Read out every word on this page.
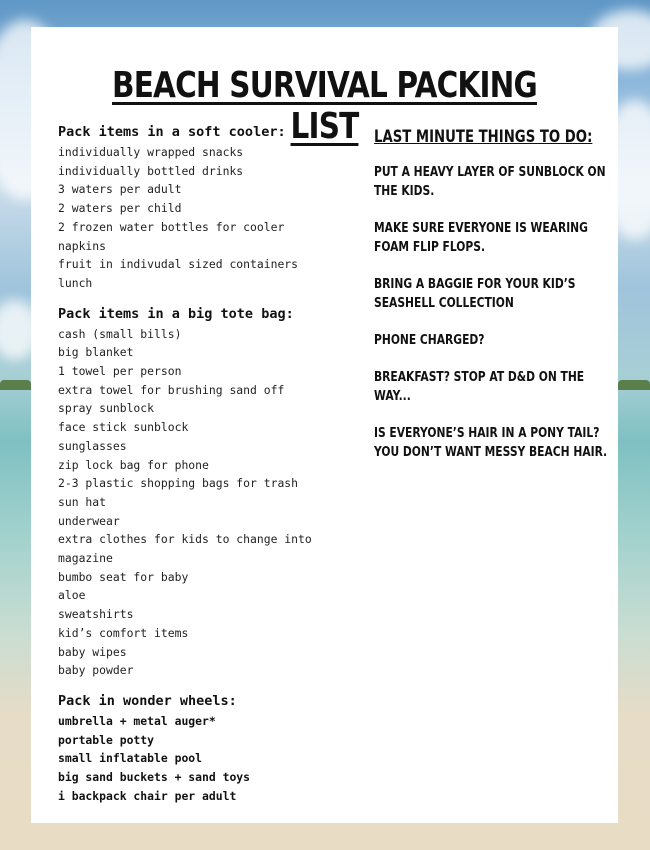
BEACH SURVIVAL PACKING LIST

Pack items in a soft cooler:

individually wrapped snacks
individually bottled drinks
3 waters per adult
2 waters per child
2 frozen water bottles for cooler
napkins
fruit in indivudal sized containers
lunch

Pack items in a big tote bag:

cash (small bills)
big blanket
1 towel per person
extra towel for brushing sand off
spray sunblock
face stick sunblock
sunglasses
zip lock bag for phone
2-3 plastic shopping bags for trash
sun hat
underwear
extra clothes for kids to change into
magazine
bumbo seat for baby
aloe
sweatshirts
kid’s comfort items
baby wipes
baby powder

Pack in wonder wheels:

umbrella + metal auger*
portable potty
small inflatable pool
big sand buckets + sand toys
i backpack chair per adult

LAST MINUTE THINGS TO DO:

PUT A HEAVY LAYER OF SUNBLOCK ON THE KIDS.
MAKE SURE EVERYONE IS WEARING FOAM FLIP FLOPS.
BRING A BAGGIE FOR YOUR KID’S SEASHELL COLLECTION
PHONE CHARGED?
BREAKFAST? STOP AT D&D ON THE WAY...
IS EVERYONE’S HAIR IN A PONY TAIL? YOU DON’T WANT MESSY BEACH HAIR.
